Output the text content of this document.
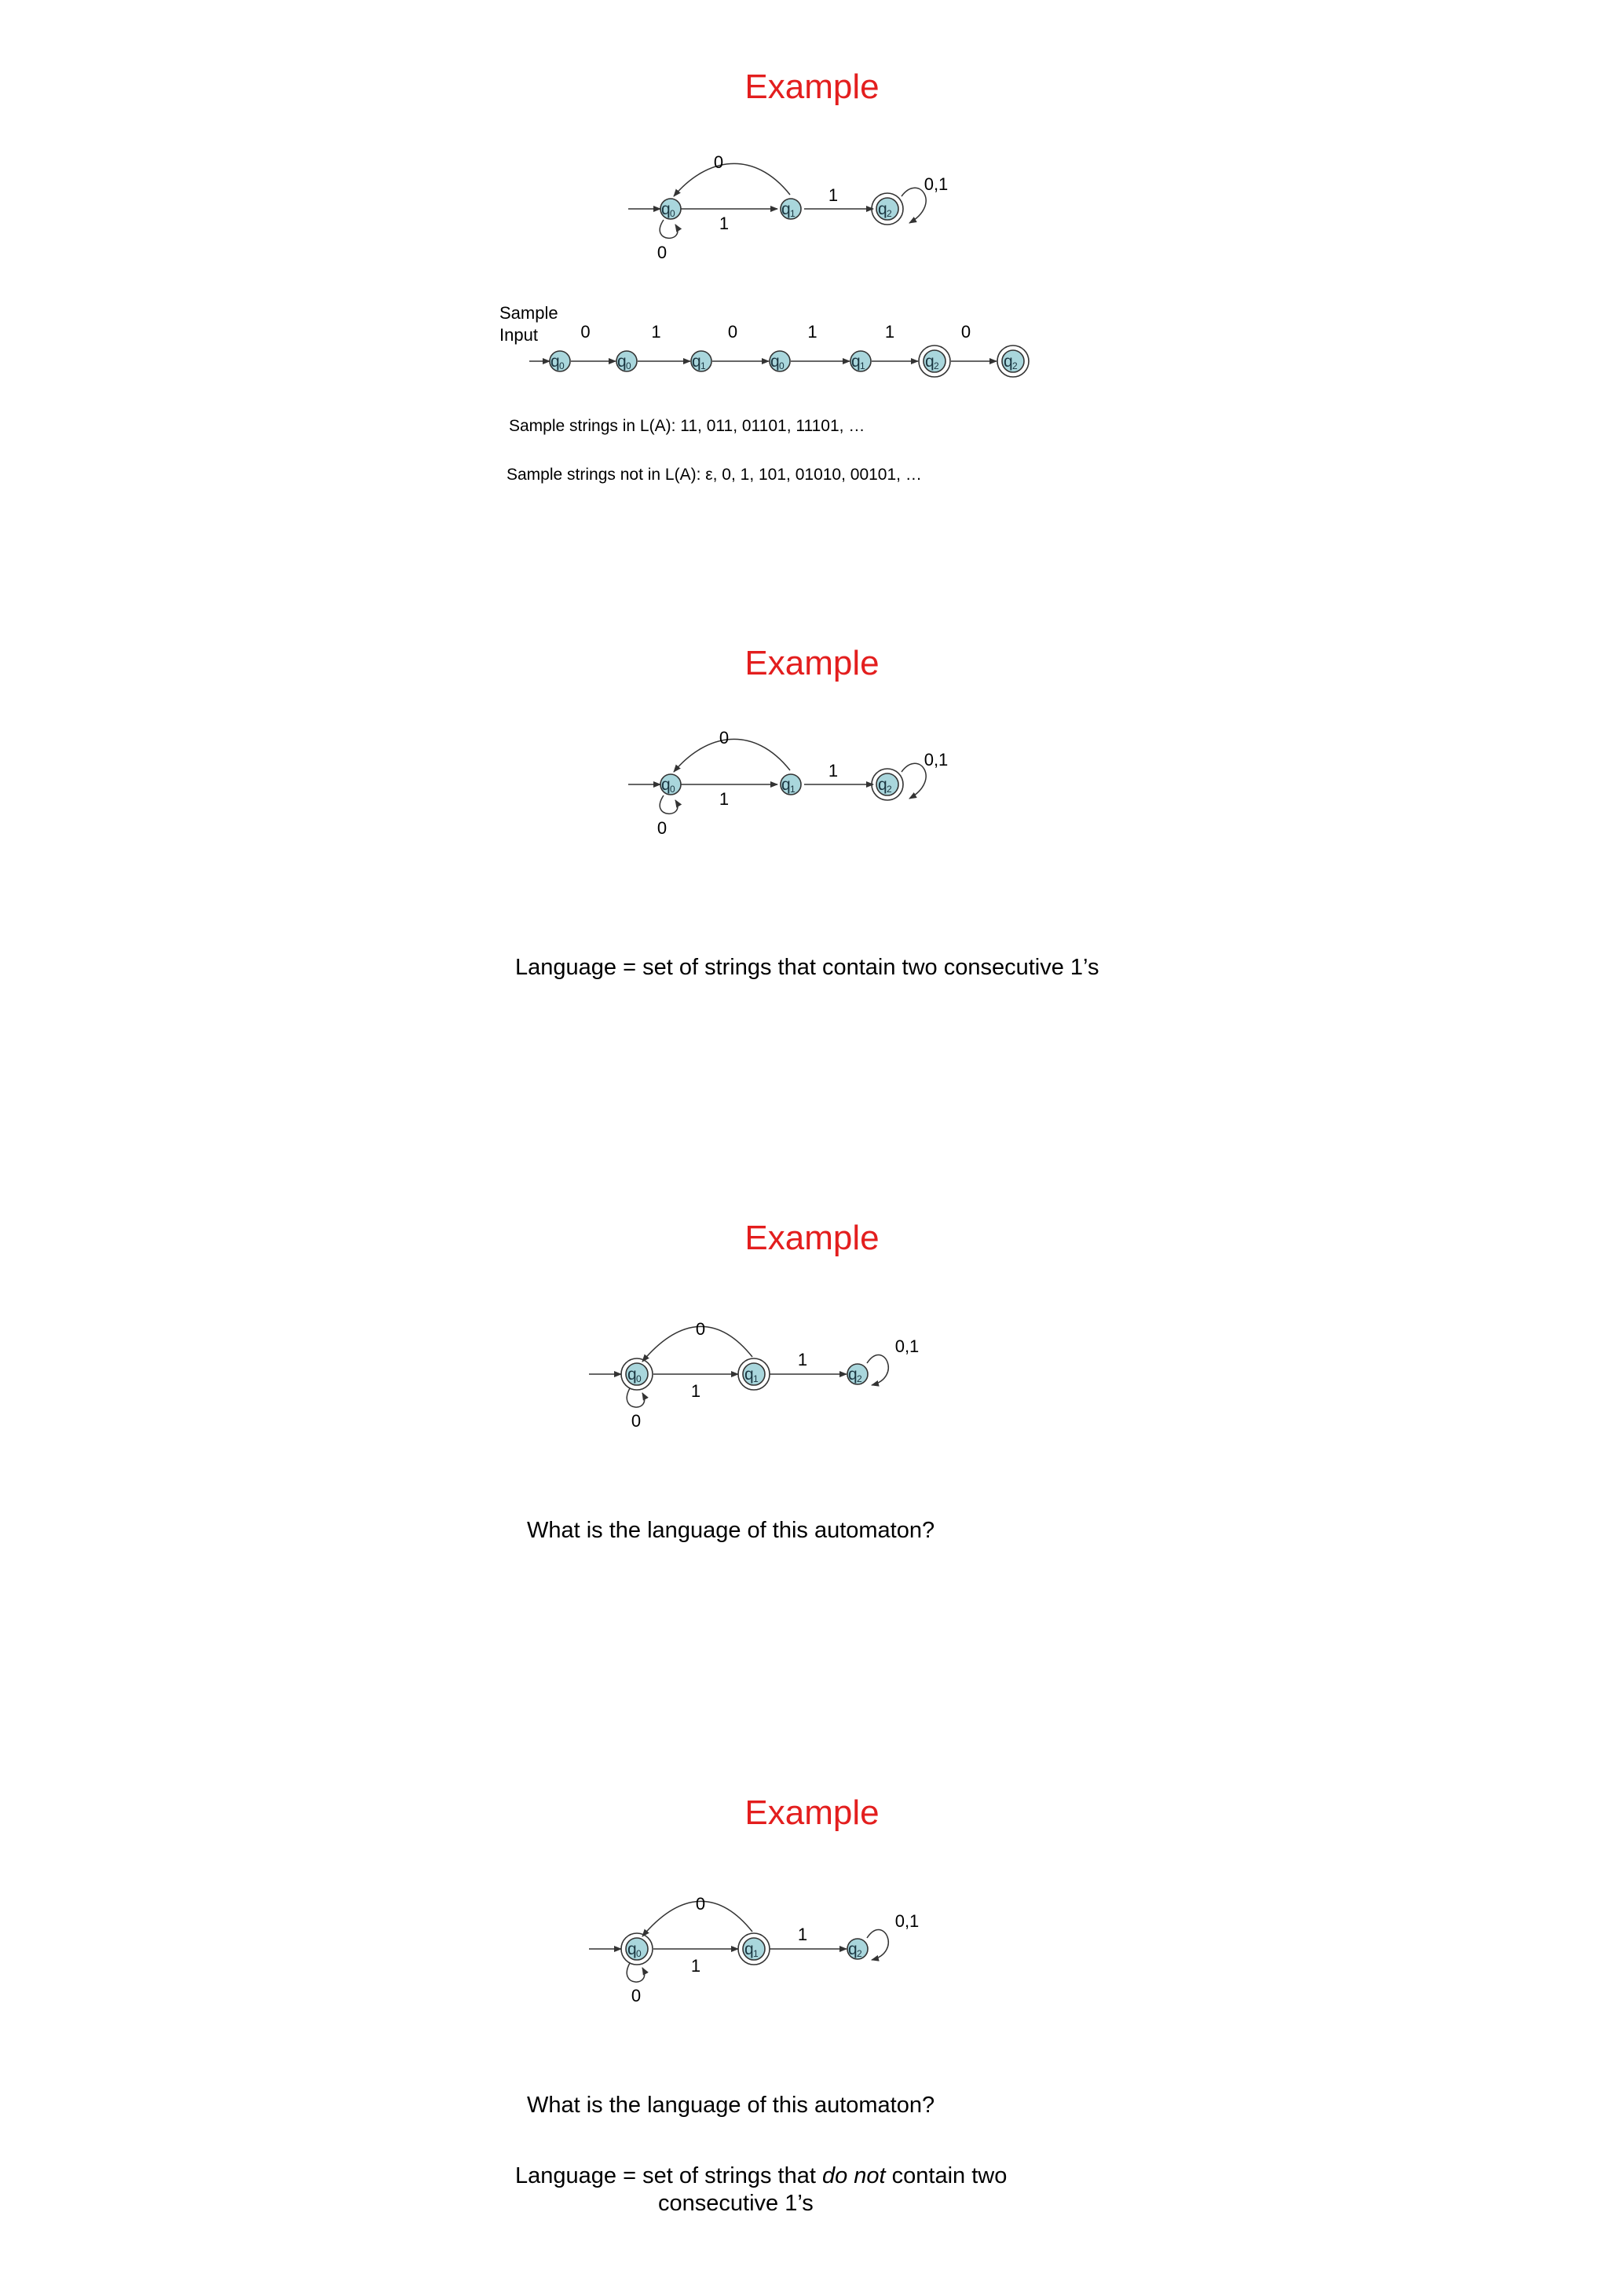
Example
q 0	q 1	q 2
0
1
0
1
0,1
Sample
Input
q 0
0
q 0
1
q 1
0
q 0
1
q 1
1
q 2
0
q 2
Sample strings in L(A): 11, 011, 01101, 11101, …
Sample strings not in L(A): ε, 0, 1, 101, 01010, 00101, …
Example
q 0	q 1	q 2
0
1
0
1
0,1
Language = set of strings that contain two consecutive 1’s
Example
q 0	q 1	q 2
0
1
0
1
0,1
What is the language of this automaton?
Example
q 0	q 1	q 2
0
1
0
1
0,1
What is the language of this automaton?
Language = set of strings that do not contain two
consecutive 1’s
